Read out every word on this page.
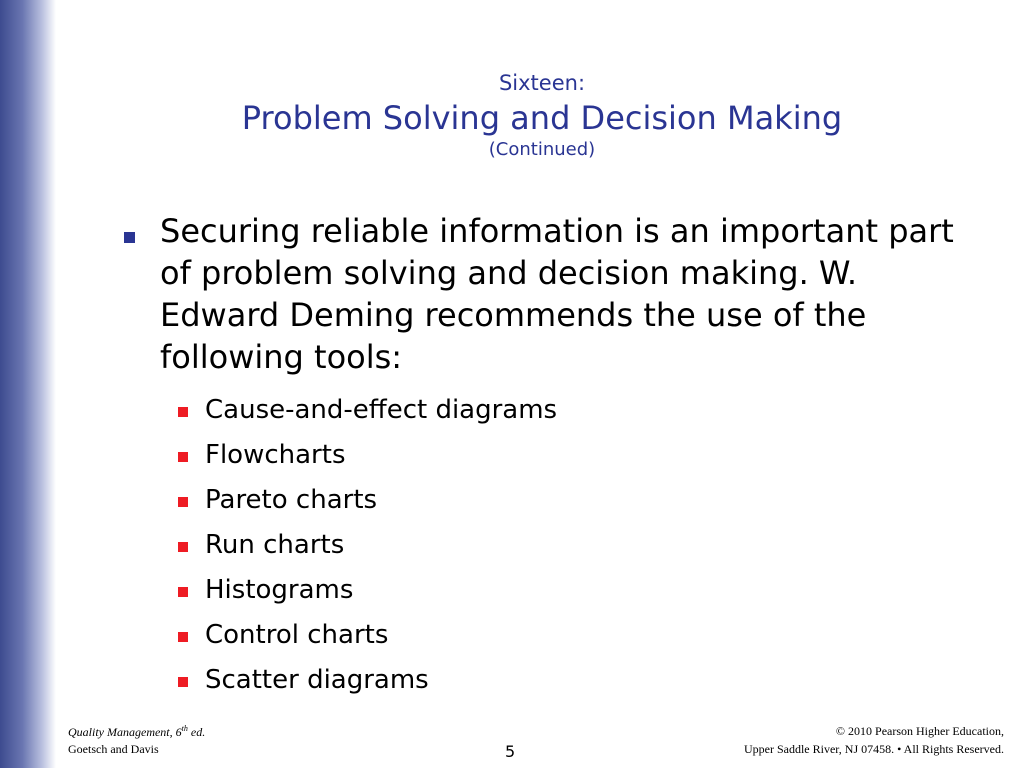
Sixteen:
Problem Solving and Decision Making
(Continued)
Securing reliable information is an important part of problem solving and decision making. W. Edward Deming recommends the use of the following tools:
Cause-and-effect diagrams
Flowcharts
Pareto charts
Run charts
Histograms
Control charts
Scatter diagrams
Quality Management, 6th ed.
Goetsch and Davis	5
© 2010 Pearson Higher Education,
Upper Saddle River, NJ 07458. • All Rights Reserved.
